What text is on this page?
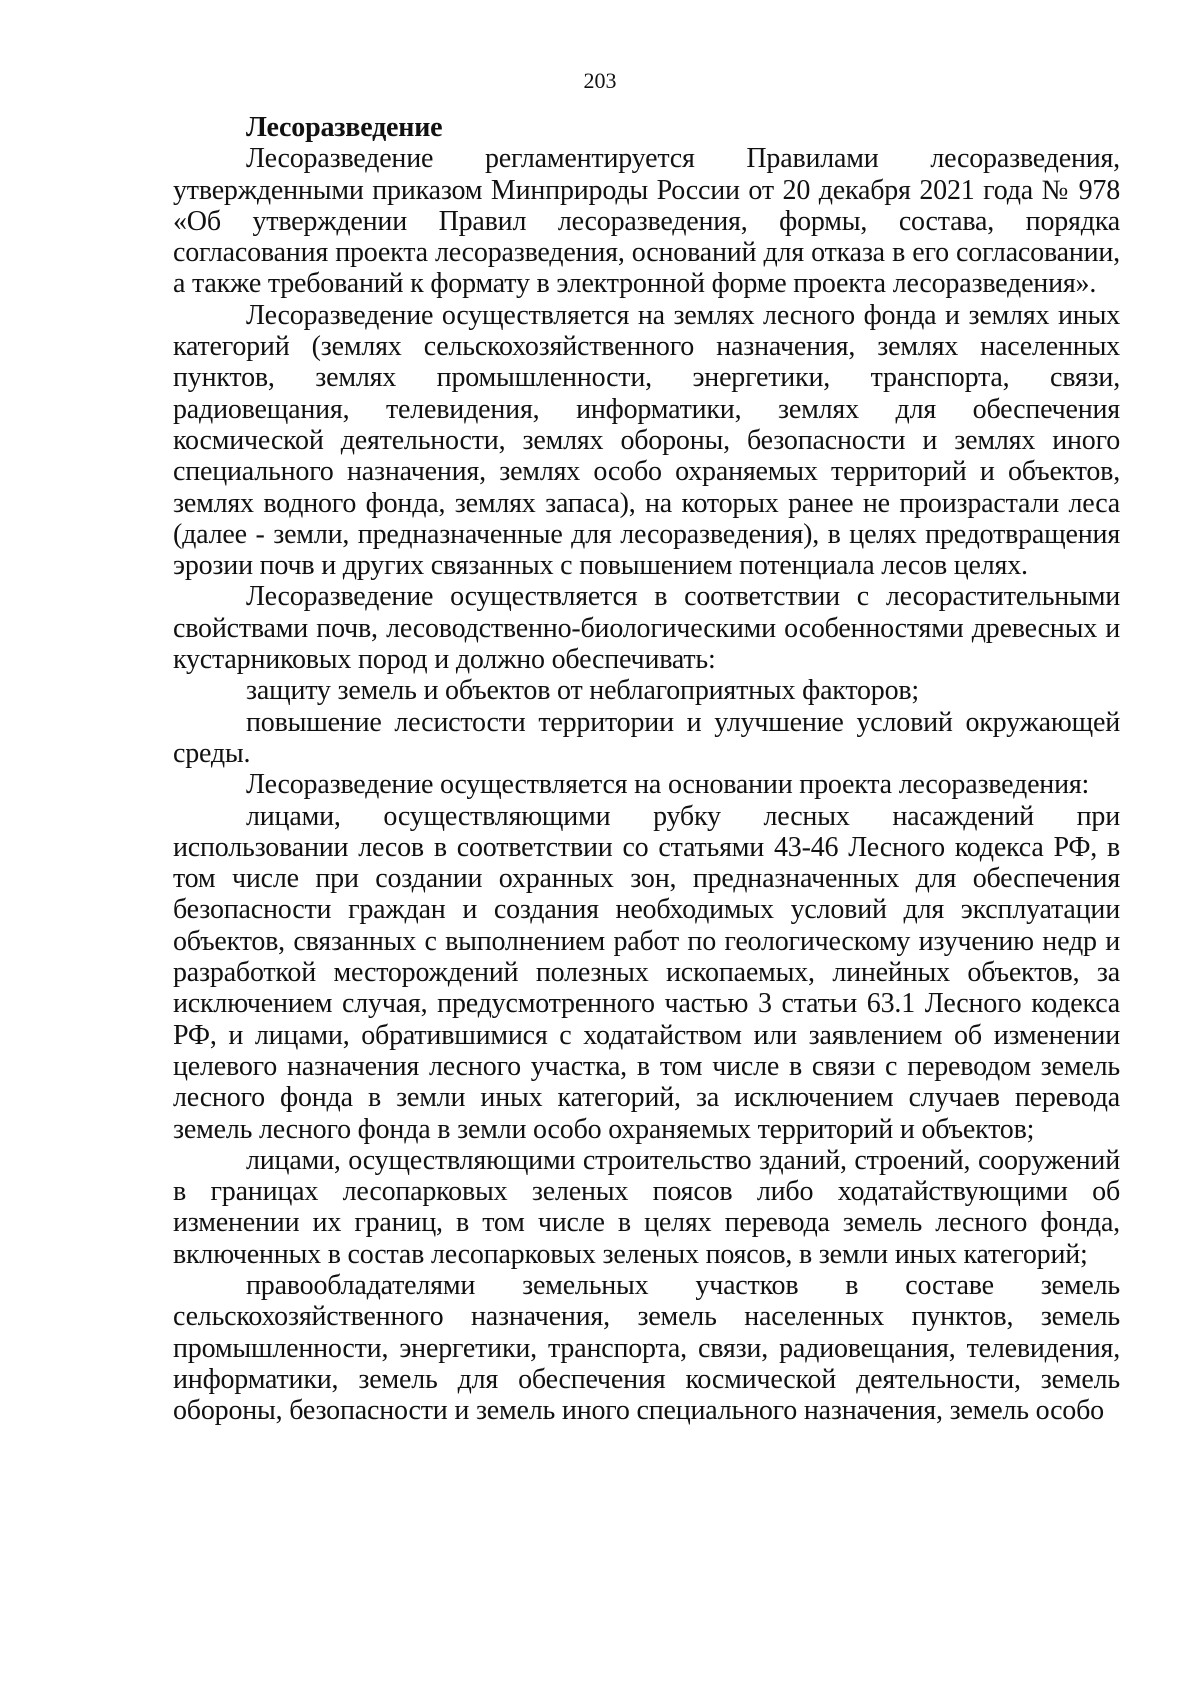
203

Лесоразведение

Лесоразведение регламентируется Правилами лесоразведения, утвержденными приказом Минприроды России от 20 декабря 2021 года № 978 «Об утверждении Правил лесоразведения, формы, состава, порядка согласования проекта лесоразведения, оснований для отказа в его согласовании, а также требований к формату в электронной форме проекта лесоразведения».

Лесоразведение осуществляется на землях лесного фонда и землях иных категорий (землях сельскохозяйственного назначения, землях населенных пунктов, землях промышленности, энергетики, транспорта, связи, радиовещания, телевидения, информатики, землях для обеспечения космической деятельности, землях обороны, безопасности и землях иного специального назначения, землях особо охраняемых территорий и объектов, землях водного фонда, землях запаса), на которых ранее не произрастали леса (далее - земли, предназначенные для лесоразведения), в целях предотвращения эрозии почв и других связанных с повышением потенциала лесов целях.

Лесоразведение осуществляется в соответствии с лесорастительными свойствами почв, лесоводственно-биологическими особенностями древесных и кустарниковых пород и должно обеспечивать:

защиту земель и объектов от неблагоприятных факторов;

повышение лесистости территории и улучшение условий окружающей среды.

Лесоразведение осуществляется на основании проекта лесоразведения:

лицами, осуществляющими рубку лесных насаждений при использовании лесов в соответствии со статьями 43-46 Лесного кодекса РФ, в том числе при создании охранных зон, предназначенных для обеспечения безопасности граждан и создания необходимых условий для эксплуатации объектов, связанных с выполнением работ по геологическому изучению недр и разработкой месторождений полезных ископаемых, линейных объектов, за исключением случая, предусмотренного частью 3 статьи 63.1 Лесного кодекса РФ, и лицами, обратившимися с ходатайством или заявлением об изменении целевого назначения лесного участка, в том числе в связи с переводом земель лесного фонда в земли иных категорий, за исключением случаев перевода земель лесного фонда в земли особо охраняемых территорий и объектов;

лицами, осуществляющими строительство зданий, строений, сооружений в границах лесопарковых зеленых поясов либо ходатайствующими об изменении их границ, в том числе в целях перевода земель лесного фонда, включенных в состав лесопарковых зеленых поясов, в земли иных категорий;

правообладателями земельных участков в составе земель сельскохозяйственного назначения, земель населенных пунктов, земель промышленности, энергетики, транспорта, связи, радиовещания, телевидения, информатики, земель для обеспечения космической деятельности, земель обороны, безопасности и земель иного специального назначения, земель особо
